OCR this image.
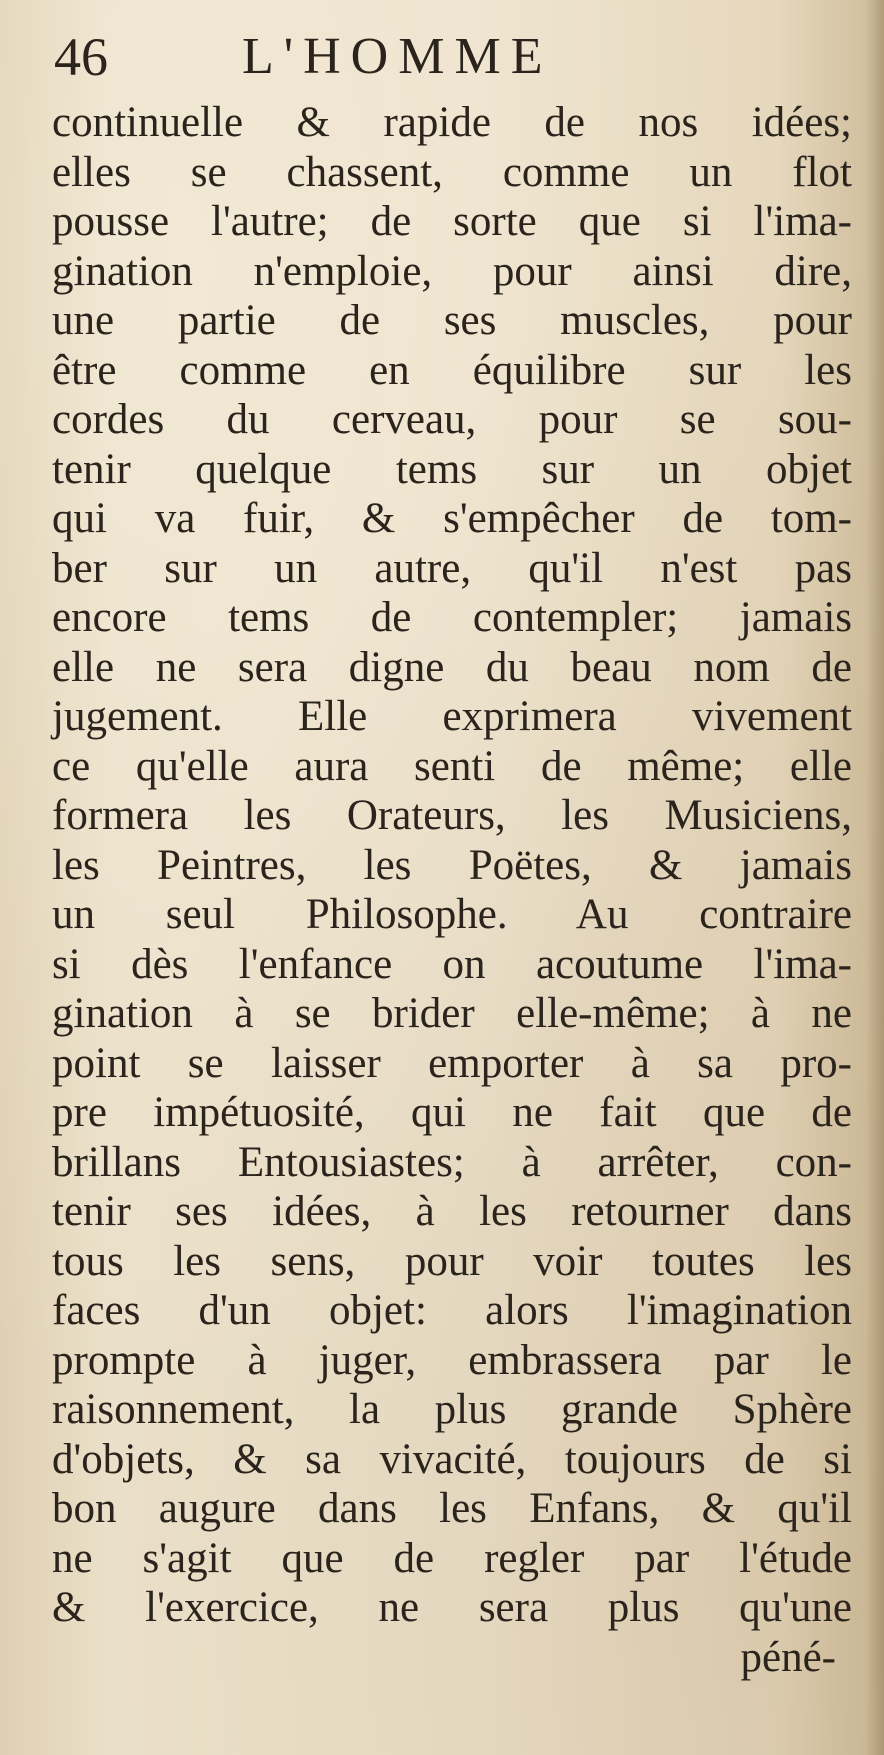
46	L'HOMME
continuelle & rapide de nos idées;
elles se chassent, comme un flot
pousse l'autre; de sorte que si l'ima-
gination n'emploie, pour ainsi dire,
une partie de ses muscles, pour
être comme en équilibre sur les
cordes du cerveau, pour se sou-
tenir quelque tems sur un objet
qui va fuir, & s'empêcher de tom-
ber sur un autre, qu'il n'est pas
encore tems de contempler; jamais
elle ne sera digne du beau nom de
jugement. Elle exprimera vivement
ce qu'elle aura senti de même; elle
formera les Orateurs, les Musiciens,
les Peintres, les Poëtes, & jamais
un seul Philosophe. Au contraire
si dès l'enfance on acoutume l'ima-
gination à se brider elle-même; à ne
point se laisser emporter à sa pro-
pre impétuosité, qui ne fait que de
brillans Entousiastes; à arrêter, con-
tenir ses idées, à les retourner dans
tous les sens, pour voir toutes les
faces d'un objet: alors l'imagination
prompte à juger, embrassera par le
raisonnement, la plus grande Sphère
d'objets, & sa vivacité, toujours de si
bon augure dans les Enfans, & qu'il
ne s'agit que de regler par l'étude
& l'exercice, ne sera plus qu'une
péné-
